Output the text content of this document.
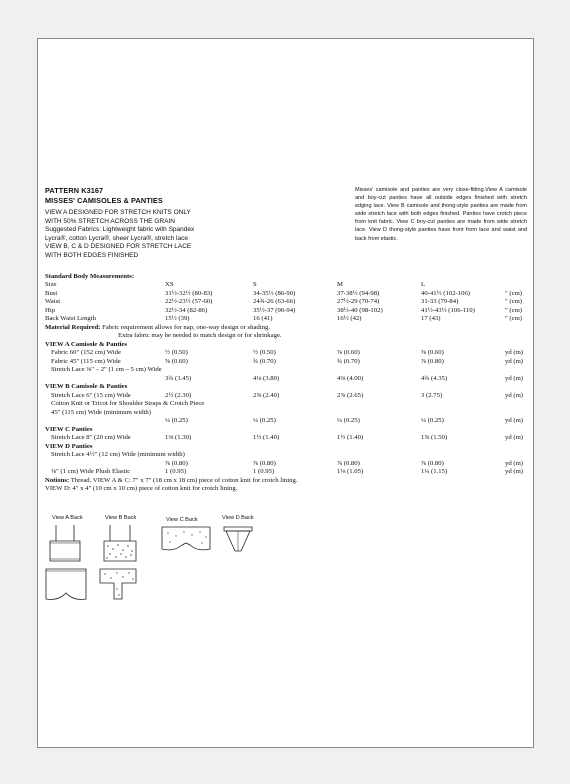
PATTERN K3167
MISSES' CAMISOLES & PANTIES
VIEW A DESIGNED FOR STRETCH KNITS ONLY
WITH 50% STRETCH ACROSS THE GRAIN
Suggested Fabrics: Lightweight fabric with Spandex
Lycra®, cotton Lycra®, sheer Lycra®, stretch lace
VIEW B, C & D DESIGNED FOR STRETCH LACE
WITH BOTH EDGES FINISHED
Misses' camisole and panties are very close-fitting.View A camisole and boy-cut panties have all outside edges finished with stretch edging lace. View B camisole and thong-style panties are made from wide stretch lace with both edges finished. Panties have crotch piece from knit fabric. View C boy-cut panties are made from wide stretch lace. View D thong-style panties have front from lace and waist and back from elastic.
Standard Body Measurements:
Size	XS	S	M	L
Bust	31½-32½ (80-83)	34-35½ (86-90)	37-38½ (94-98)	40-41½ (102-106)	" (cm)
Waist	22½-23½ (57-60)	24¾-26 (63-66)	27½-29 (70-74)	31-33 (79-84)	" (cm)
Hip	32½-34 (82-86)	35½-37 (90-94)	38½-40 (98-102)	41½-43½ (106-110)	" (cm)
Back Waist Length	15½ (39)	16 (41)	16½ (42)	17 (43)	" (cm)
Material Required: Fabric requirement allows for nap, one-way design or shading.
Extra fabric may be needed to match design or for shrinkage.
VIEW A Camisole & Panties
Fabric 60" (152 cm) Wide	½ (0.50)	½ (0.50)	⅝ (0.60)	⅝ (0.60)	yd (m)
Fabric 45" (115 cm) Wide	⅝ (0.60)	¾ (0.70)	¾ (0.70)	⅞ (0.80)	yd (m)
Stretch Lace ⅜" – 2" (1 cm – 5 cm) Wide
3¾ (3.45)	4⅛ (3.80)	4⅜ (4.00)	4¾ (4.35)	yd (m)
VIEW B Camisole & Panties
Stretch Lace 6" (15 cm) Wide	2½ (2.30)	2⅝ (2.40)	2⅞ (2.65)	3 (2.75)	yd (m)
Cotton Knit or Tricot for Shoulder Straps & Crotch Piece
45" (115 cm) Wide (minimum width)
¼ (0.25)	¼ (0.25)	¼ (0.25)	¼ (0.25)	yd (m)
VIEW C Panties
Stretch Lace 8" (20 cm) Wide	1⅜ (1.30)	1½ (1.40)	1½ (1.40)	1⅝ (1.50)	yd (m)
VIEW D Panties
Stretch Lace 4½" (12 cm) Wide (minimum width)
⅞ (0.80)	⅞ (0.80)	⅞ (0.80)	⅞ (0.80)	yd (m)
⅜" (1 cm) Wide Plush Elastic	1 (0.95)	1 (0.95)	1⅛ (1.05)	1¼ (1.15)	yd (m)
Notions: Thread. VIEW A & C: 7" x 7" (18 cm x 18 cm) piece of cotton knit for crotch lining.
VIEW D: 4" x 4" (10 cm x 10 cm) piece of cotton knit for crotch lining.
View A Back	View B Back	View C Back	View D Back
